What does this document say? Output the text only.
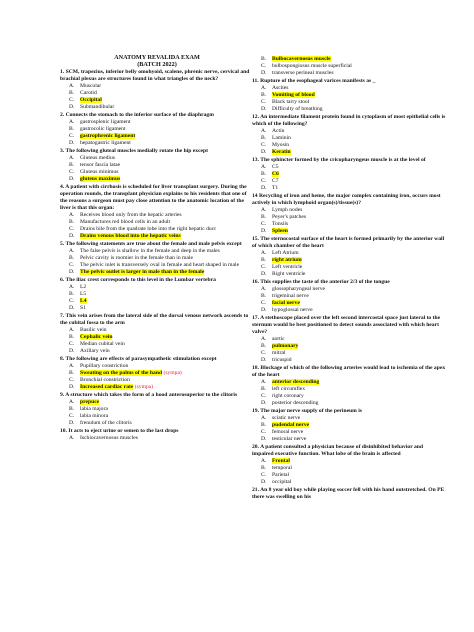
ANATOMY REVALIDA EXAM
(BATCH 2022)
1. SCM, trapezius, inferior belly omohyoid, scalene, phrenic nerve, cervical and brachial plexus are structures found in what triangles of the neck?
A. Muscular
B. Carotid
C. Occipital
D. Submandibular
2. Connects the stomach to the inferior surface of the diaphragm
A. gastrosplenic ligament
B. gastrocolic ligament
C. gastrophrenic ligament
D. hepatogastric ligament
3. The following gluteal muscles medially rotate the hip except
A. Gluteus medius
B. tensor fascia latae
C. Gluteus minimus
D. gluteus maximus
4. A patient with cirrhosis is scheduled for liver transplant surgery. During the operation rounds, the transplant physician explains to his residents that one of the reasons a surgeon must pay close attention to the anatomic location of the liver is that this organ:
A. Receives blood only from the hepatic arteries
B. Manufactures red blood cells in an adult
C. Drains bile from the quadrate lobe into the right hepatic duct
D. Drains venous blood into the hepatic veins
5. The following statements are true about the female and male pelvis except
A. The false pelvis is shallow in the female and deep in the males
B. Pelvic cavity is roomier in the female than in male
C. The pelvic inlet is transversely oval in female and heart shaped in male
D. The pelvic outlet is larger in male than in the female
6. The iliac crest corresponds to this level in the Lumbar vertebra
A. L2
B. L5
C. L4
D. S1
7. This vein arises from the lateral side of the dorsal venous network ascends to the cubital fossa to the arm
A. Basilic vein
B. Cephalic vein
C. Median cubital vein
D. Axillary vein
8. The following are effects of parasympathetic stimulation except
A. Pupillary constriction
B. Sweating on the palms of the hand (sympa)
C. Bronchial constriction
D. Increased cardiac rate (sympa)
9. A structure which takes the form of a hood anterosuperior to the clitoris
A. prepuce
B. labia majora
C. labia minora
D. frenulum of the clitoris
10. It acts to eject urine or semen to the last drops
A. Ischiocavernosus muscles
B. Bulbocavernosus muscle
C. bulbospongiosus muscle superficial
D. transverse perineal muscles
11. Rupture of the esophageal varices manifests as _
A. Ascites
B. Vomiting of blood
C. Black tarry stool
D. Difficulty of breathing
12. An intermediate filament protein found in cytoplasm of most epithelial cells is which of the following?
A. Actin
B. Laminin
C. Myosin
D. Keratin
13. The sphincter formed by the cricopharyngeus muscle is at the level of
A. C5
B. C6
C. C7
D. T1
14 Recycling of iron and heme, the major complex containing iron, occurs most actively in which lymphoid organ(s)/tissue(s)?
A. Lymph nodes
B. Peyer's patches
C. Tonsils
D. Spleen
15. The sternocostal surface of the heart is formed primarily by the anterior wall of which chamber of the heart
A. Left Atrium
B. right atrium
C. Left ventricle
D. Right ventricle
16. This supplies the taste of the anterior 2/3 of the tongue
A. glossopharyngeal nerve
B. trigeminal nerve
C. facial nerve
D. hypoglossal nerve
17. A stethoscope placed over the left second intercostal space just lateral to the sternum would be best positioned to detect sounds associated with which heart valve?
A. aortic
B. pulmonary
C. mitral
D. tricuspid
18. Blockage of which of the following arteries would lead to ischemia of the apex of the heart
A. anterior descending
B. left circumflex
C. right coronary
D. posterior descending
19. The major nerve supply of the perineum is
A. sciatic nerve
B. pudendal nerve
C. femoral nerve
D. testicular nerve
20. A patient consulted a physician because of disinhibited behavior and impaired executive function. What lobe of the brain is affected
A. Frontal
B. temporal
C. Parietal
D. occipital
21. An 8 year old boy while playing soccer fell with his hand outstretched. On PE there was swelling on his
